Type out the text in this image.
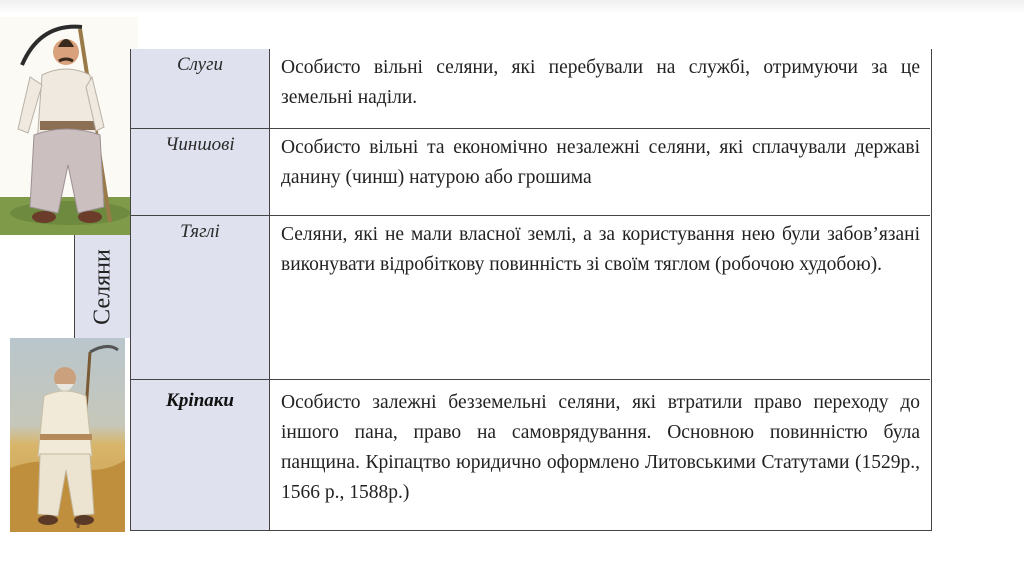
Селяни
Слуги	Особисто вільні селяни, які перебували на службі, отримуючи за це земельні наділи.
Чиншові	Особисто вільні та економічно незалежні селяни, які сплачували державі данину (чинш) натурою або грошима
Тяглі	Селяни, які не мали власної землі, а за користування нею були забов’язані виконувати відробіткову повинність зі своїм тяглом (робочою худобою).
Кріпаки	Особисто залежні безземельні селяни, які втратили право переходу до іншого пана, право на самоврядування. Основною повинністю була панщина. Кріпацтво юридично оформлено Литовськими Статутами (1529р., 1566 р., 1588р.)
